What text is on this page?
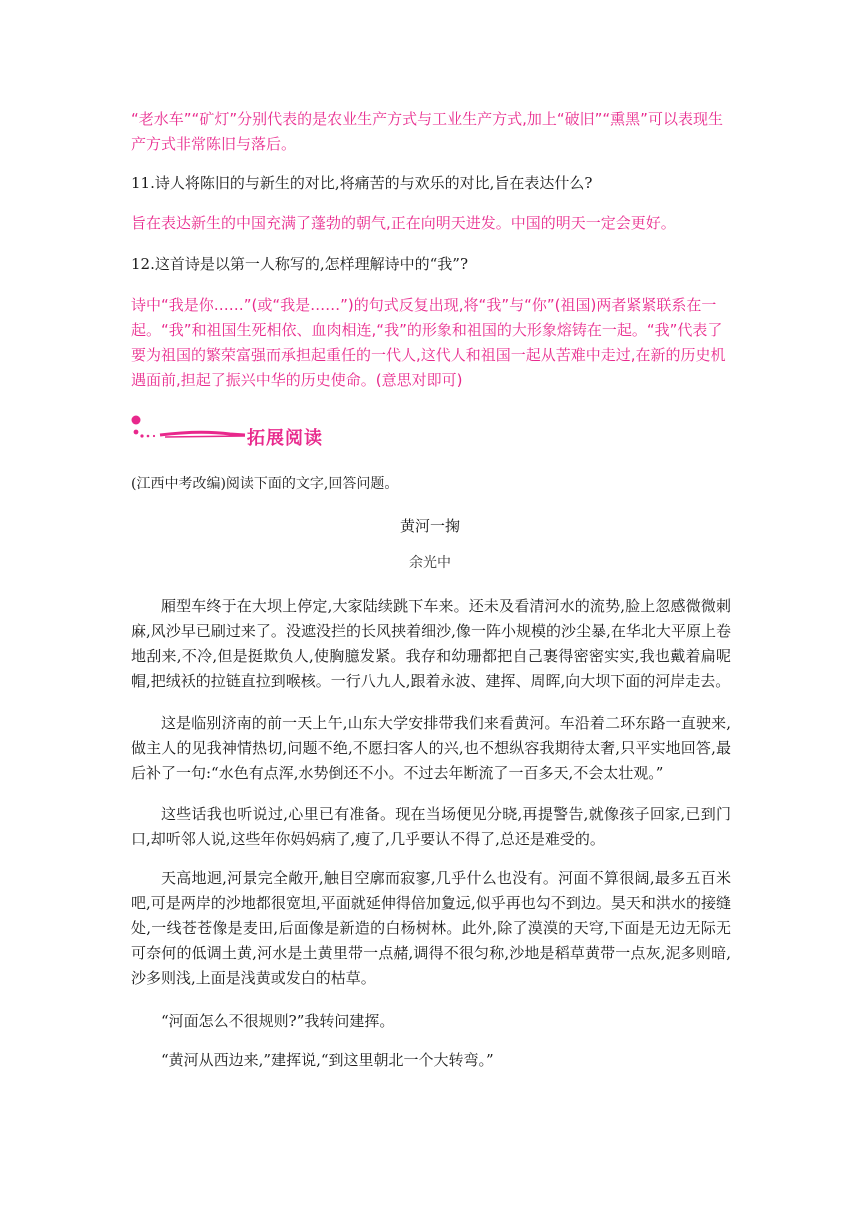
“老水车”“矿灯”分别代表的是农业生产方式与工业生产方式,加上“破旧”“熏黑”可以表现生产方式非常陈旧与落后。

11.诗人将陈旧的与新生的对比,将痛苦的与欢乐的对比,旨在表达什么?

旨在表达新生的中国充满了蓬勃的朝气,正在向明天进发。中国的明天一定会更好。

12.这首诗是以第一人称写的,怎样理解诗中的“我”?

诗中“我是你……”(或“我是……”)的句式反复出现,将“我”与“你”(祖国)两者紧紧联系在一起。“我”和祖国生死相依、血肉相连,“我”的形象和祖国的大形象熔铸在一起。“我”代表了要为祖国的繁荣富强而承担起重任的一代人,这代人和祖国一起从苦难中走过,在新的历史机遇面前,担起了振兴中华的历史使命。(意思对即可)

拓展阅读

(江西中考改编)阅读下面的文字,回答问题。

黄河一掬

余光中

厢型车终于在大坝上停定,大家陆续跳下车来。还未及看清河水的流势,脸上忽感微微刺麻,风沙早已刷过来了。没遮没拦的长风挟着细沙,像一阵小规模的沙尘暴,在华北大平原上卷地刮来,不冷,但是挺欺负人,使胸臆发紧。我存和幼珊都把自己裹得密密实实,我也戴着扁呢帽,把绒袄的拉链直拉到喉核。一行八九人,跟着永波、建挥、周晖,向大坝下面的河岸走去。

这是临别济南的前一天上午,山东大学安排带我们来看黄河。车沿着二环东路一直驶来,做主人的见我神情热切,问题不绝,不愿扫客人的兴,也不想纵容我期待太奢,只平实地回答,最后补了一句:“水色有点浑,水势倒还不小。不过去年断流了一百多天,不会太壮观。”

这些话我也听说过,心里已有准备。现在当场便见分晓,再提警告,就像孩子回家,已到门口,却听邻人说,这些年你妈妈病了,瘦了,几乎要认不得了,总还是难受的。

天高地迥,河景完全敞开,触目空廓而寂寥,几乎什么也没有。河面不算很阔,最多五百米吧,可是两岸的沙地都很宽坦,平面就延伸得倍加夐远,似乎再也勾不到边。昊天和洪水的接缝处,一线苍苍像是麦田,后面像是新造的白杨树林。此外,除了漠漠的天穹,下面是无边无际无可奈何的低调土黄,河水是土黄里带一点赭,调得不很匀称,沙地是稻草黄带一点灰,泥多则暗,沙多则浅,上面是浅黄或发白的枯草。

“河面怎么不很规则?”我转问建挥。

“黄河从西边来,”建挥说,“到这里朝北一个大转弯。”
